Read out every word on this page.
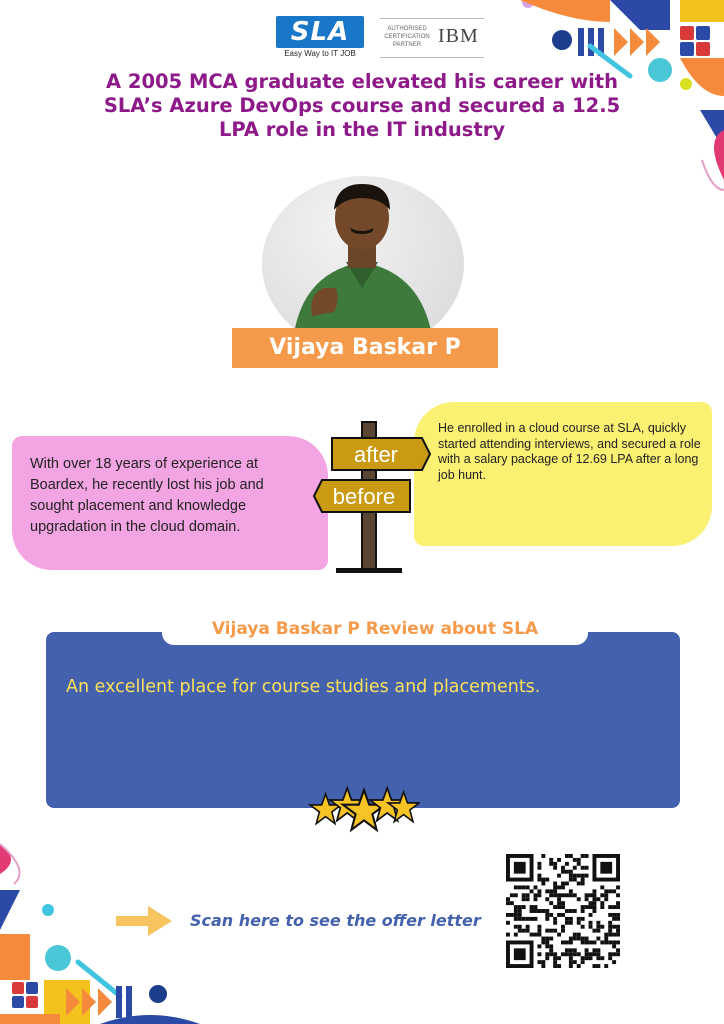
SLA
Easy Way to IT JOB
AUTHORISED
CERTIFICATION
PARTNER IBM
A 2005 MCA graduate elevated his career with SLA’s Azure DevOps course and secured a 12.5 LPA role in the IT industry
Vijaya Baskar P
With over 18 years of experience at Boardex, he recently lost his job and sought placement and knowledge upgradation in the cloud domain.
He enrolled in a cloud course at SLA, quickly started attending interviews, and secured a role with a salary package of 12.69 LPA after a long job hunt.
after
before
Vijaya Baskar P Review about SLA
An excellent place for course studies and placements.
Scan here to see the offer letter
